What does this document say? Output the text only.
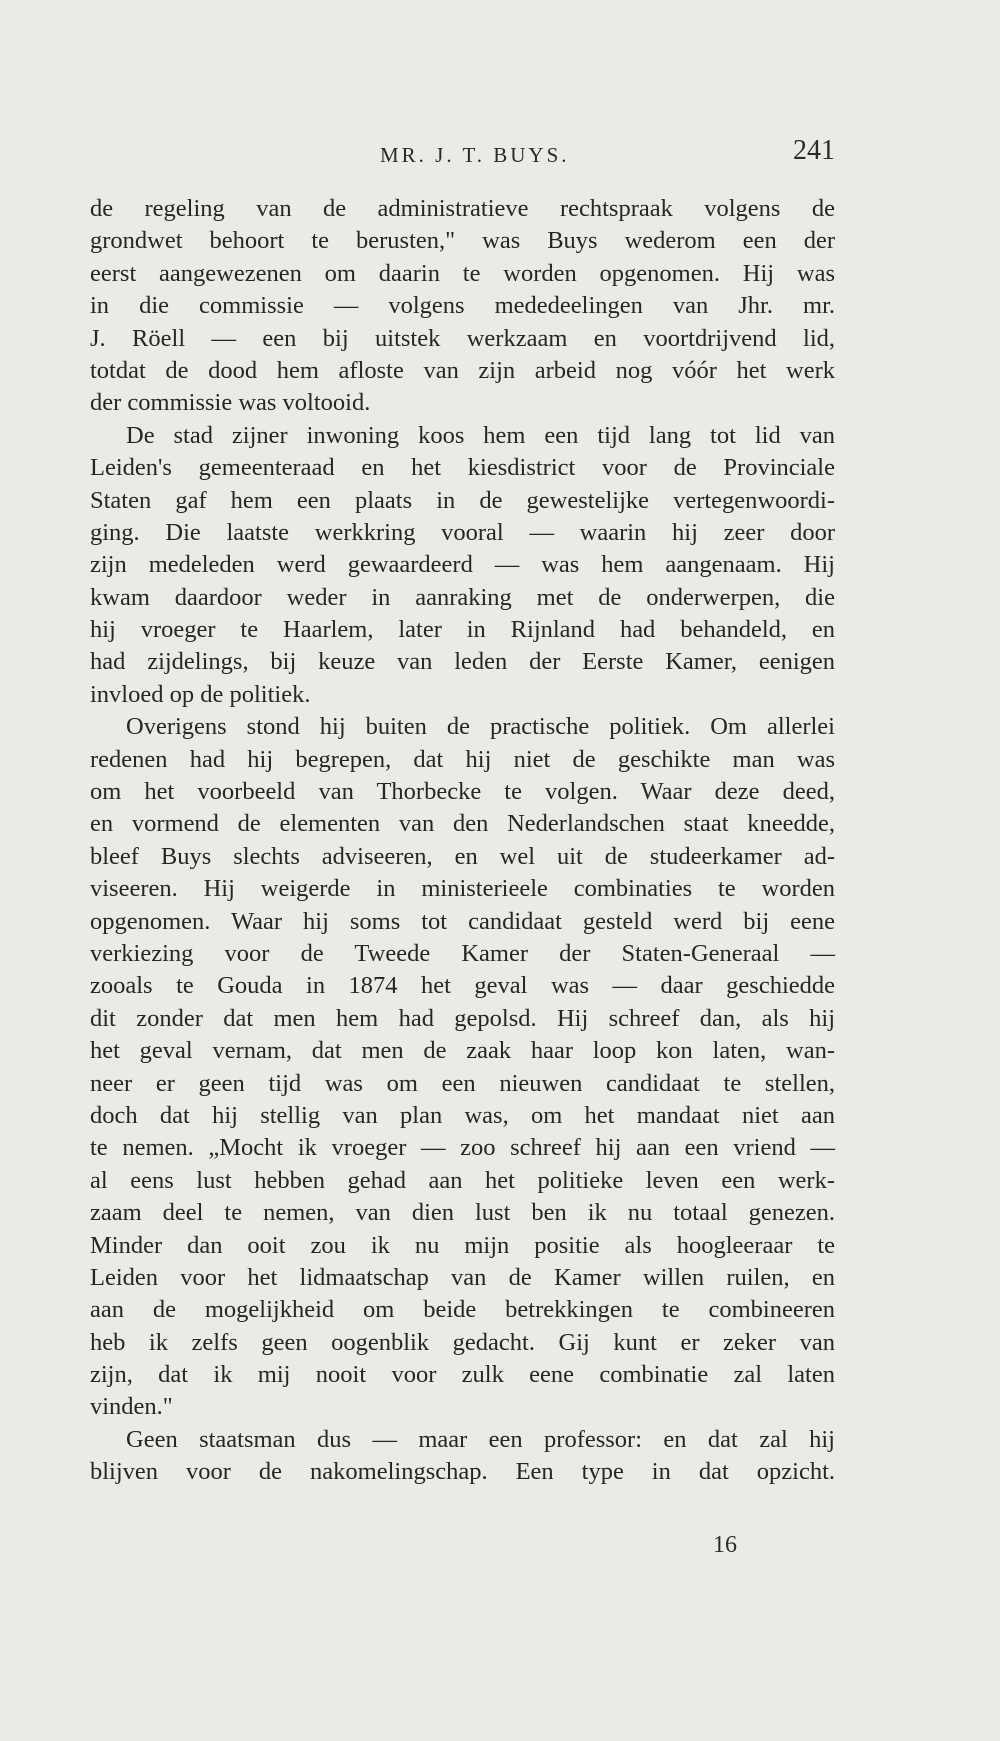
MR. J. T. BUYS.	241
de regeling van de administratieve rechtspraak volgens de
grondwet behoort te berusten," was Buys wederom een der
eerst aangewezenen om daarin te worden opgenomen. Hij was
in die commissie — volgens mededeelingen van Jhr. mr.
J. Röell — een bij uitstek werkzaam en voortdrijvend lid,
totdat de dood hem afloste van zijn arbeid nog vóór het werk
der commissie was voltooid.
De stad zijner inwoning koos hem een tijd lang tot lid van
Leiden's gemeenteraad en het kiesdistrict voor de Provinciale
Staten gaf hem een plaats in de gewestelijke vertegenwoordi-
ging. Die laatste werkkring vooral — waarin hij zeer door
zijn medeleden werd gewaardeerd — was hem aangenaam. Hij
kwam daardoor weder in aanraking met de onderwerpen, die
hij vroeger te Haarlem, later in Rijnland had behandeld, en
had zijdelings, bij keuze van leden der Eerste Kamer, eenigen
invloed op de politiek.
Overigens stond hij buiten de practische politiek. Om allerlei
redenen had hij begrepen, dat hij niet de geschikte man was
om het voorbeeld van Thorbecke te volgen. Waar deze deed,
en vormend de elementen van den Nederlandschen staat kneedde,
bleef Buys slechts adviseeren, en wel uit de studeerkamer ad-
viseeren. Hij weigerde in ministerieele combinaties te worden
opgenomen. Waar hij soms tot candidaat gesteld werd bij eene
verkiezing voor de Tweede Kamer der Staten-Generaal —
zooals te Gouda in 1874 het geval was — daar geschiedde
dit zonder dat men hem had gepolsd. Hij schreef dan, als hij
het geval vernam, dat men de zaak haar loop kon laten, wan-
neer er geen tijd was om een nieuwen candidaat te stellen,
doch dat hij stellig van plan was, om het mandaat niet aan
te nemen. „Mocht ik vroeger — zoo schreef hij aan een vriend —
al eens lust hebben gehad aan het politieke leven een werk-
zaam deel te nemen, van dien lust ben ik nu totaal genezen.
Minder dan ooit zou ik nu mijn positie als hoogleeraar te
Leiden voor het lidmaatschap van de Kamer willen ruilen, en
aan de mogelijkheid om beide betrekkingen te combineeren
heb ik zelfs geen oogenblik gedacht. Gij kunt er zeker van
zijn, dat ik mij nooit voor zulk eene combinatie zal laten
vinden."
Geen staatsman dus — maar een professor: en dat zal hij
blijven voor de nakomelingschap. Een type in dat opzicht.
16
